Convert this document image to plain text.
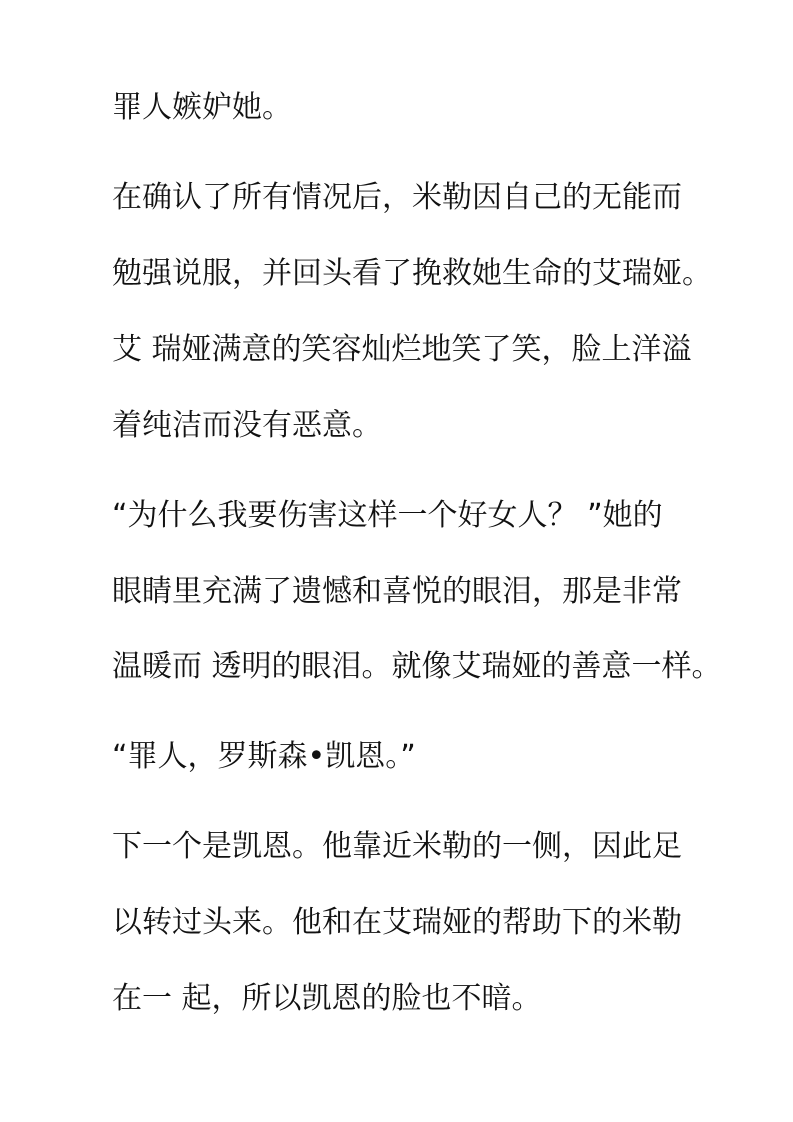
罪人嫉妒她。

在确认了所有情况后，米勒因自己的无能而

勉强说服，并回头看了挽救她生命的艾瑞娅。

艾 瑞娅满意的笑容灿烂地笑了笑，脸上洋溢

着纯洁而没有恶意。

“为什么我要伤害这样一个好女人？ ”她的

眼睛里充满了遗憾和喜悦的眼泪，那是非常

温暖而 透明的眼泪。就像艾瑞娅的善意一样。

“罪人，罗斯森•凯恩。”

下一个是凯恩。他靠近米勒的一侧，因此足

以转过头来。他和在艾瑞娅的帮助下的米勒

在一 起，所以凯恩的脸也不暗。
